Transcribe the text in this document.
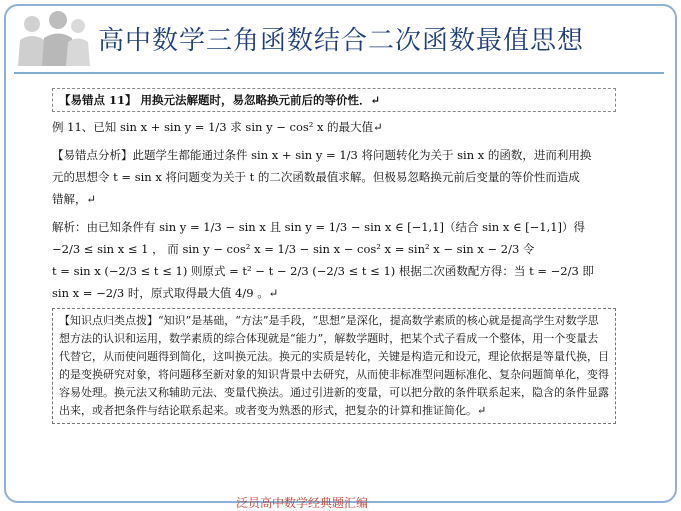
高中数学三角函数结合二次函数最值思想
【易错点 11】 用换元法解题时，易忽略换元前后的等价性．↵
例 11、已知 sin x + sin y = 1/3 求 sin y − cos² x 的最大值↵
【易错点分析】此题学生都能通过条件 sin x + sin y = 1/3 将问题转化为关于 sin x 的函数，进而利用换
元的思想令 t = sin x 将问题变为关于 t 的二次函数最值求解。但极易忽略换元前后变量的等价性而造成
错解，↵
解析：由已知条件有 sin y = 1/3 − sin x 且 sin y = 1/3 − sin x ∈ [−1,1]（结合 sin x ∈ [−1,1]）得
−2/3 ≤ sin x ≤ 1 ， 而 sin y − cos² x = 1/3 − sin x − cos² x = sin² x − sin x − 2/3 令
t = sin x (−2/3 ≤ t ≤ 1) 则原式 = t² − t − 2/3 (−2/3 ≤ t ≤ 1) 根据二次函数配方得：当 t = −2/3 即
sin x = −2/3 时，原式取得最大值 4/9 。↵
【知识点归类点拨】“知识”是基础，“方法”是手段，“思想”是深化，提高数学素质的核心就是提高学生对数学思想方法的认识和运用，数学素质的综合体现就是“能力”，解数学题时，把某个式子看成一个整体，用一个变量去代替它，从而使问题得到简化，这叫换元法。换元的实质是转化，关键是构造元和设元，理论依据是等量代换，目的是变换研究对象，将问题移至新对象的知识背景中去研究，从而使非标准型问题标准化、复杂问题简单化，变得容易处理。换元法又称辅助元法、变量代换法。通过引进新的变量，可以把分散的条件联系起来，隐含的条件显露出来，或者把条件与结论联系起来。或者变为熟悉的形式，把复杂的计算和推证简化。↵
泛员高中数学经典题汇编
